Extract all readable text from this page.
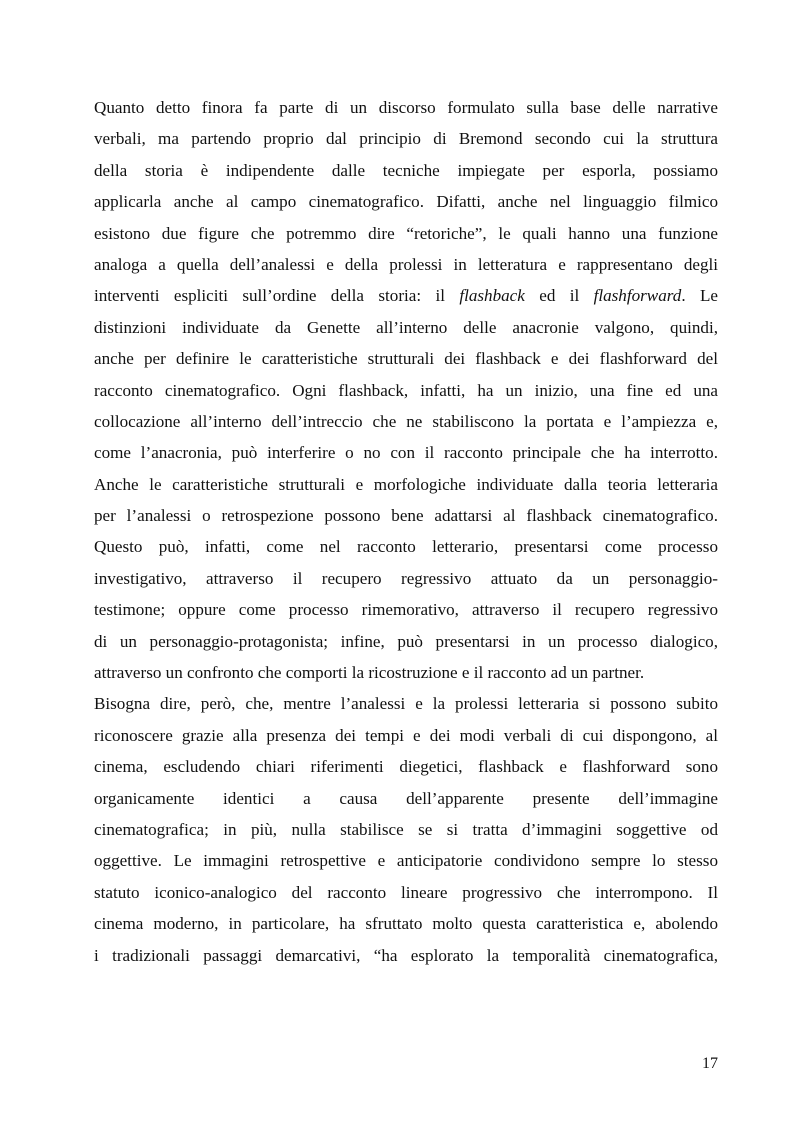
Quanto detto finora fa parte di un discorso formulato sulla base delle narrative
verbali, ma partendo proprio dal principio di Bremond secondo cui la struttura
della storia è indipendente dalle tecniche impiegate per esporla, possiamo
applicarla anche al campo cinematografico. Difatti, anche nel linguaggio filmico
esistono due figure che potremmo dire “retoriche”, le quali hanno una funzione
analoga a quella dell’analessi e della prolessi in letteratura e rappresentano degli
interventi espliciti sull’ordine della storia: il flashback ed il flashforward. Le
distinzioni individuate da Genette all’interno delle anacronie valgono, quindi,
anche per definire le caratteristiche strutturali dei flashback e dei flashforward del
racconto cinematografico. Ogni flashback, infatti, ha un inizio, una fine ed una
collocazione all’interno dell’intreccio che ne stabiliscono la portata e l’ampiezza e,
come l’anacronia, può interferire o no con il racconto principale che ha interrotto.
Anche le caratteristiche strutturali e morfologiche individuate dalla teoria letteraria
per l’analessi o retrospezione possono bene adattarsi al flashback cinematografico.
Questo può, infatti, come nel racconto letterario, presentarsi come processo
investigativo, attraverso il recupero regressivo attuato da un personaggio-
testimone; oppure come processo rimemorativo, attraverso il recupero regressivo
di un personaggio-protagonista; infine, può presentarsi in un processo dialogico,
attraverso un confronto che comporti la ricostruzione e il racconto ad un partner.
Bisogna dire, però, che, mentre l’analessi e la prolessi letteraria si possono subito
riconoscere grazie alla presenza dei tempi e dei modi verbali di cui dispongono, al
cinema, escludendo chiari riferimenti diegetici, flashback e flashforward sono
organicamente identici a causa dell’apparente presente dell’immagine
cinematografica; in più, nulla stabilisce se si tratta d’immagini soggettive od
oggettive. Le immagini retrospettive e anticipatorie condividono sempre lo stesso
statuto iconico-analogico del racconto lineare progressivo che interrompono. Il
cinema moderno, in particolare, ha sfruttato molto questa caratteristica e, abolendo
i tradizionali passaggi demarcativi, “ha esplorato la temporalità cinematografica,
17
